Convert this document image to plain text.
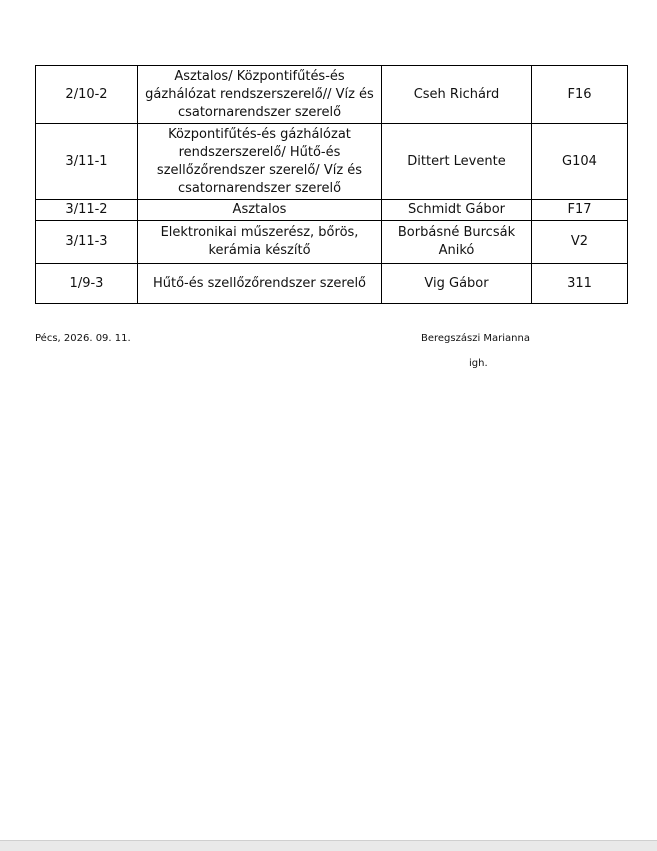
2/10-2	Asztalos/ Központifűtés-és
gázhálózat rendszerszerelő// Víz és
csatornarendszer szerelő	Cseh Richárd	F16
3/11-1	Központifűtés-és gázhálózat
rendszerszerelő/ Hűtő-és
szellőzőrendszer szerelő/ Víz és
csatornarendszer szerelő	Dittert Levente	G104
3/11-2	Asztalos	Schmidt Gábor	F17
3/11-3	Elektronikai műszerész, bőrös,
kerámia készítő	Borbásné Burcsák
Anikó	V2
1/9-3	Hűtő-és szellőzőrendszer szerelő	Vig Gábor	311
Pécs, 2026. 09. 11.	Beregszászi Marianna
igh.
